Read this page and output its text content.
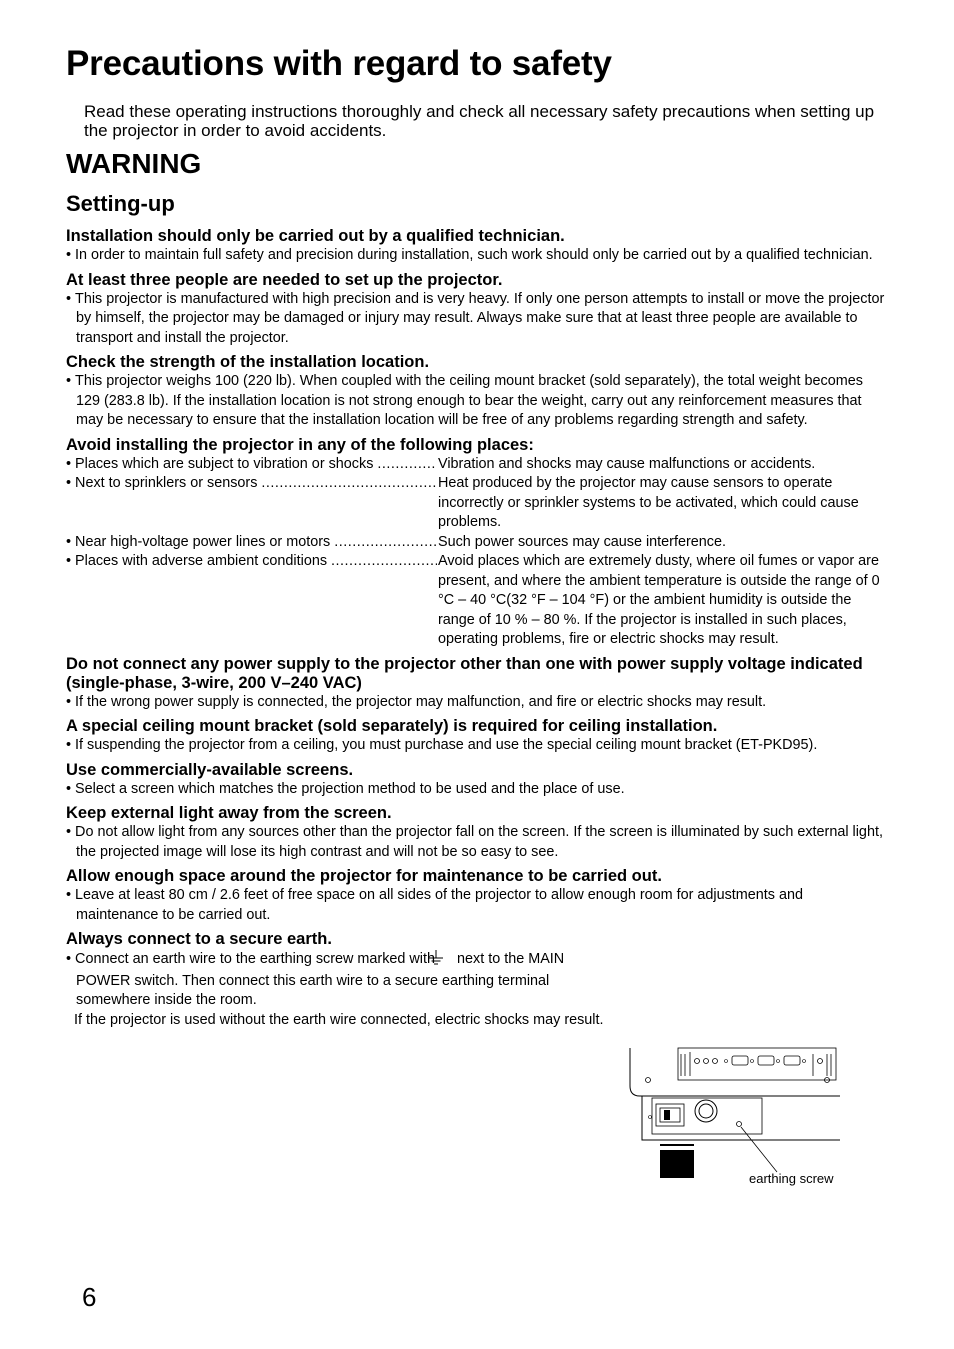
Precautions with regard to safety
Read these operating instructions thoroughly and check all necessary safety precautions when setting up the projector in order to avoid accidents.
WARNING
Setting-up

Installation should only be carried out by a qualified technician.

• In order to maintain full safety and precision during installation, such work should only be carried out by a qualified technician.

At least three people are needed to set up the projector.

• This projector is manufactured with high precision and is very heavy. If only one person attempts to install or move the projector by himself, the projector may be damaged or injury may result. Always make sure that at least three people are available to transport and install the projector.

Check the strength of the installation location.

• This projector weighs 100 (220 lb). When coupled with the ceiling mount bracket (sold separately), the total weight becomes 129 (283.8 lb). If the installation location is not strong enough to bear the weight, carry out any reinforcement measures that may be necessary to ensure that the installation location will be free of any problems regarding strength and safety.

Avoid installing the projector in any of the following places:

• Places which are subject to vibration or shocks .....	Vibration and shocks may cause malfunctions or accidents.
• Next to sprinklers or sensors .....	Heat produced by the projector may cause sensors to operate incorrectly or sprinkler systems to be activated, which could cause problems.
• Near high-voltage power lines or motors .....	Such power sources may cause interference.
• Places with adverse ambient conditions .....	Avoid places which are extremely dusty, where oil fumes or vapor are present, and where the ambient temperature is outside the range of 0 °C – 40 °C(32 °F – 104 °F) or the ambient humidity is outside the range of 10 % – 80 %. If the projector is installed in such places, operating problems, fire or electric shocks may result.

Do not connect any power supply to the projector other than one with power supply voltage indicated (single-phase, 3-wire, 200 V–240 VAC)

• If the wrong power supply is connected, the projector may malfunction, and fire or electric shocks may result.

A special ceiling mount bracket (sold separately) is required for ceiling installation.

• If suspending the projector from a ceiling, you must purchase and use the special ceiling mount bracket (ET-PKD95).

Use commercially-available screens.

• Select a screen which matches the projection method to be used and the place of use.

Keep external light away from the screen.

• Do not allow light from any sources other than the projector fall on the screen. If the screen is illuminated by such external light, the projected image will lose its high contrast and will not be so easy to see.

Allow enough space around the projector for maintenance to be carried out.

• Leave at least 80 cm / 2.6 feet of free space on all sides of the projector to allow enough room for adjustments and maintenance to be carried out.

Always connect to a secure earth.

• Connect an earth wire to the earthing screw marked with next to the MAIN POWER switch. Then connect this earth wire to a secure earthing terminal somewhere inside the room.

If the projector is used without the earth wire connected, electric shocks may result.

earthing screw
6
